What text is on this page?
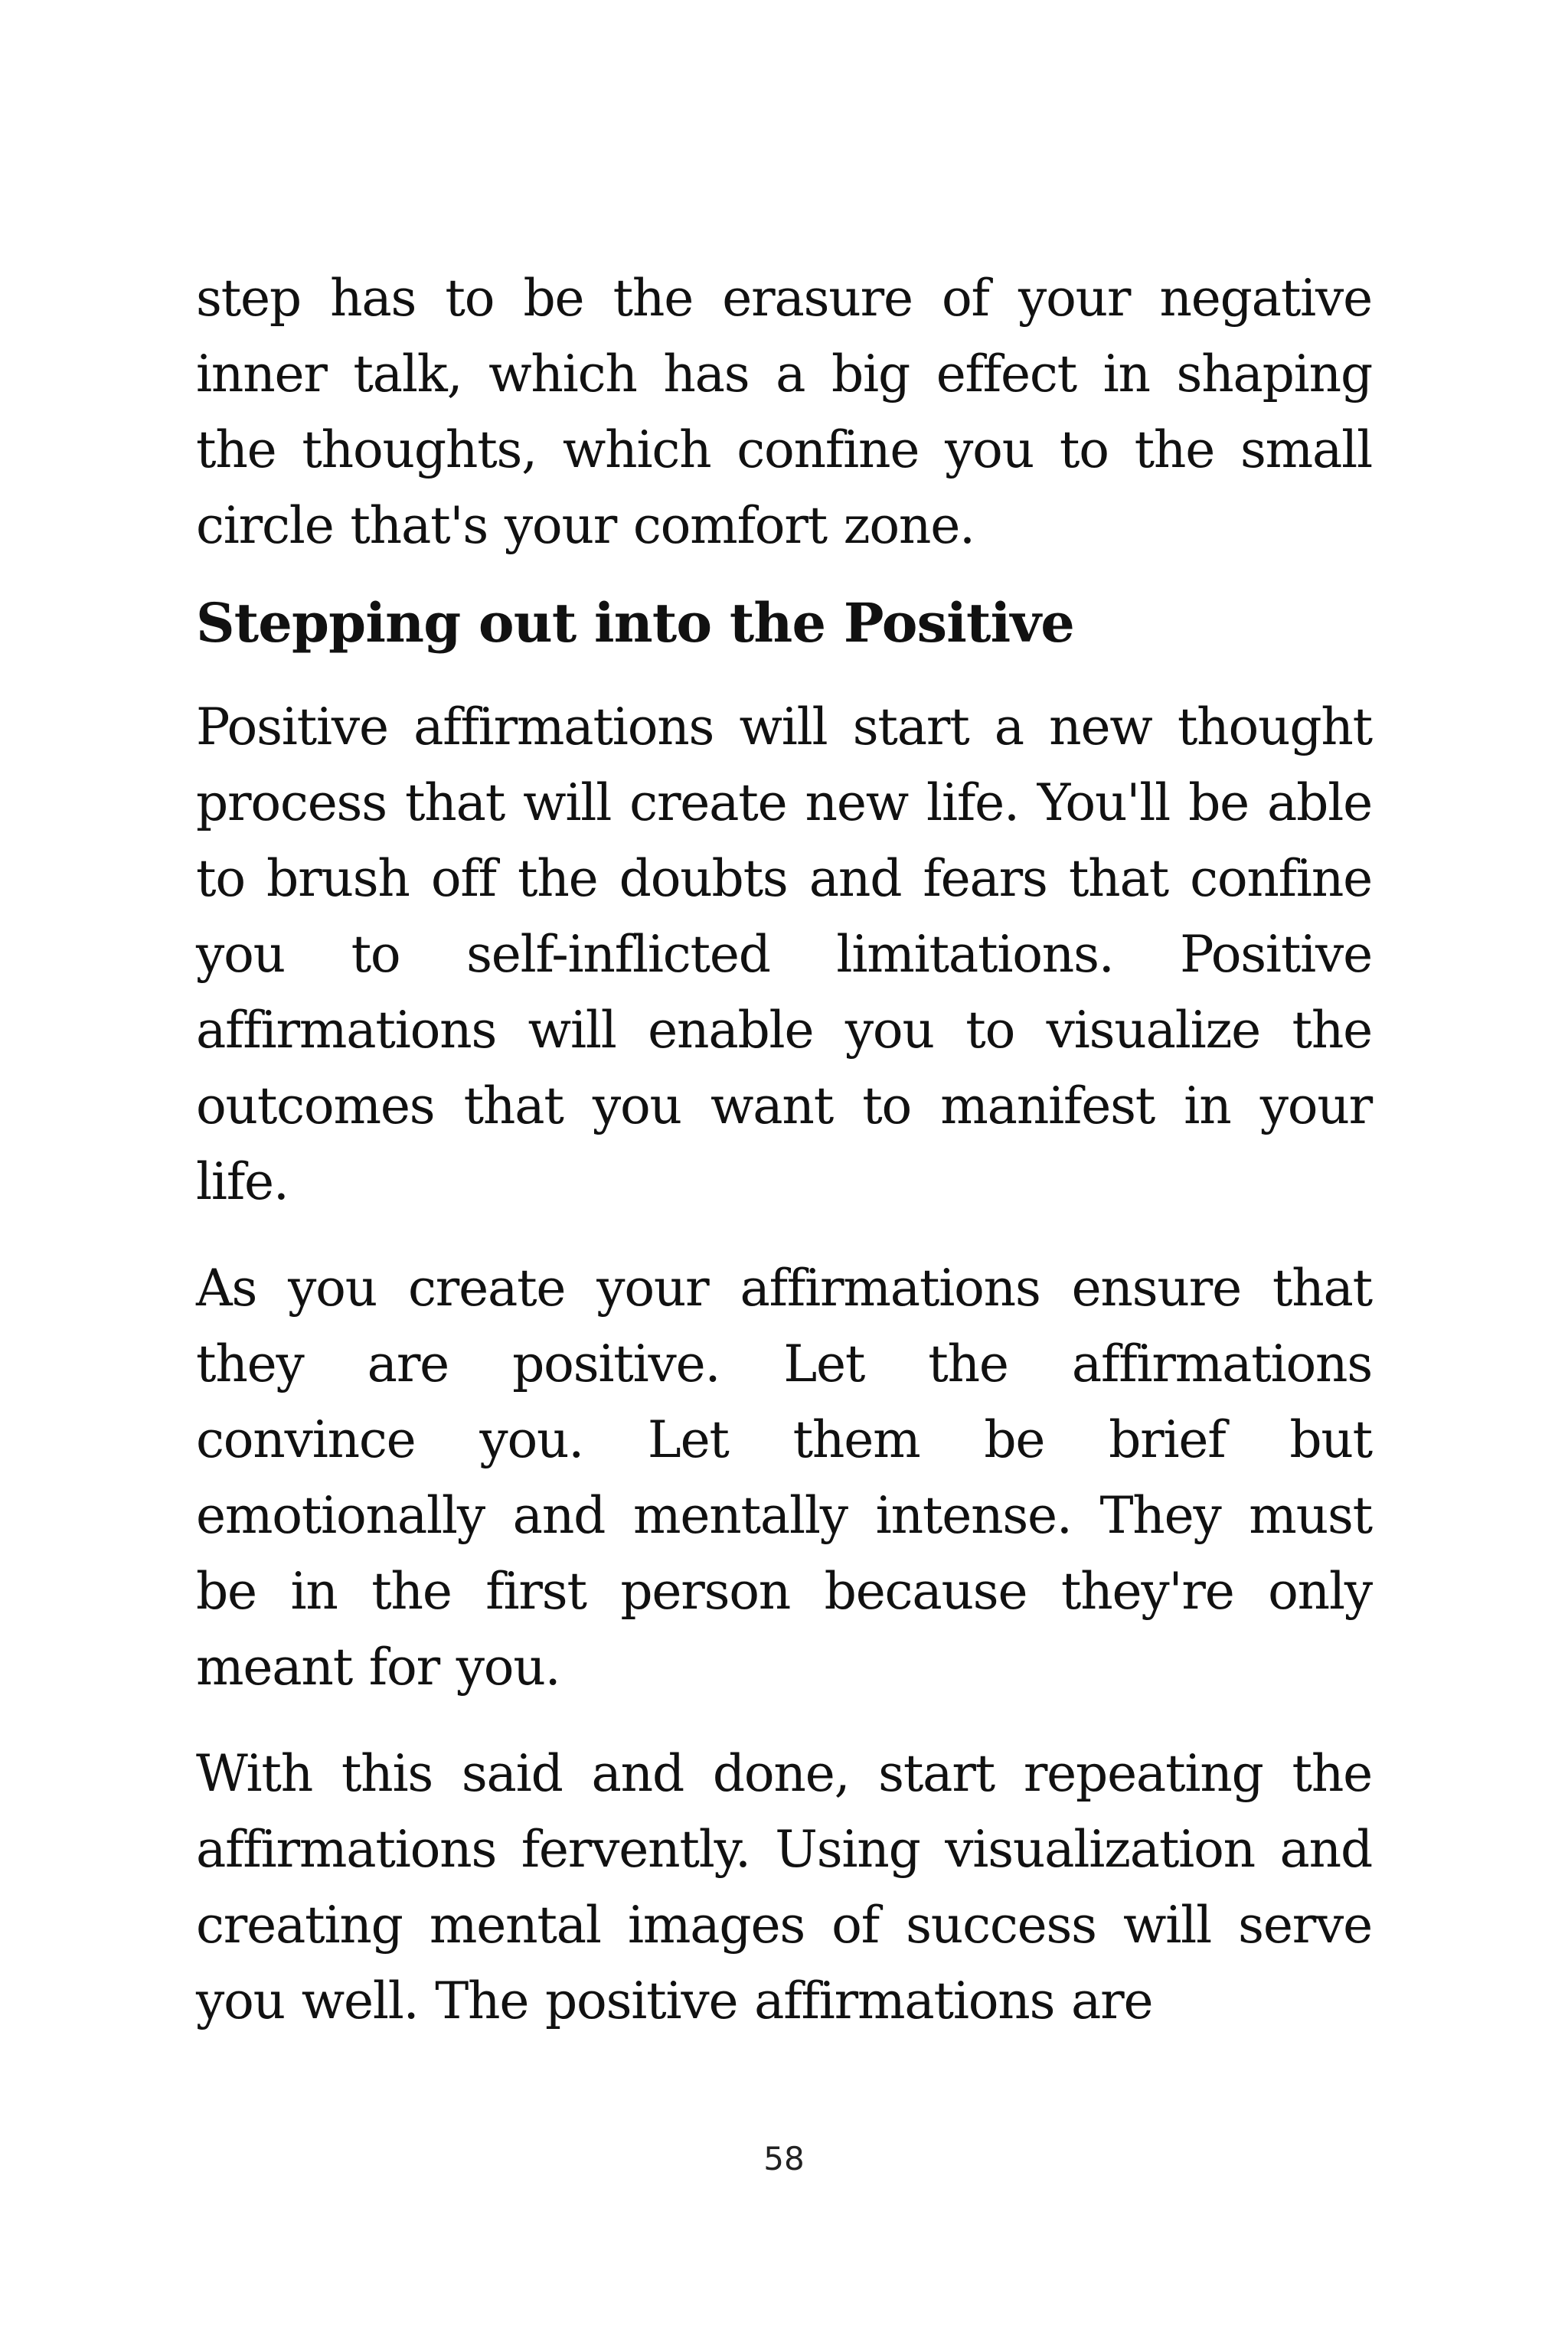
step has to be the erasure of your negative inner talk, which has a big effect in shaping the thoughts, which confine you to the small circle that's your comfort zone.

Stepping out into the Positive

Positive affirmations will start a new thought process that will create new life. You'll be able to brush off the doubts and fears that confine you to self-inflicted limitations. Positive affirmations will enable you to visualize the outcomes that you want to manifest in your life.

As you create your affirmations ensure that they are positive. Let the affirmations convince you. Let them be brief but emotionally and mentally intense. They must be in the first person because they're only meant for you.

With this said and done, start repeating the affirmations fervently. Using visualization and creating mental images of success will serve you well. The positive affirmations are

58
